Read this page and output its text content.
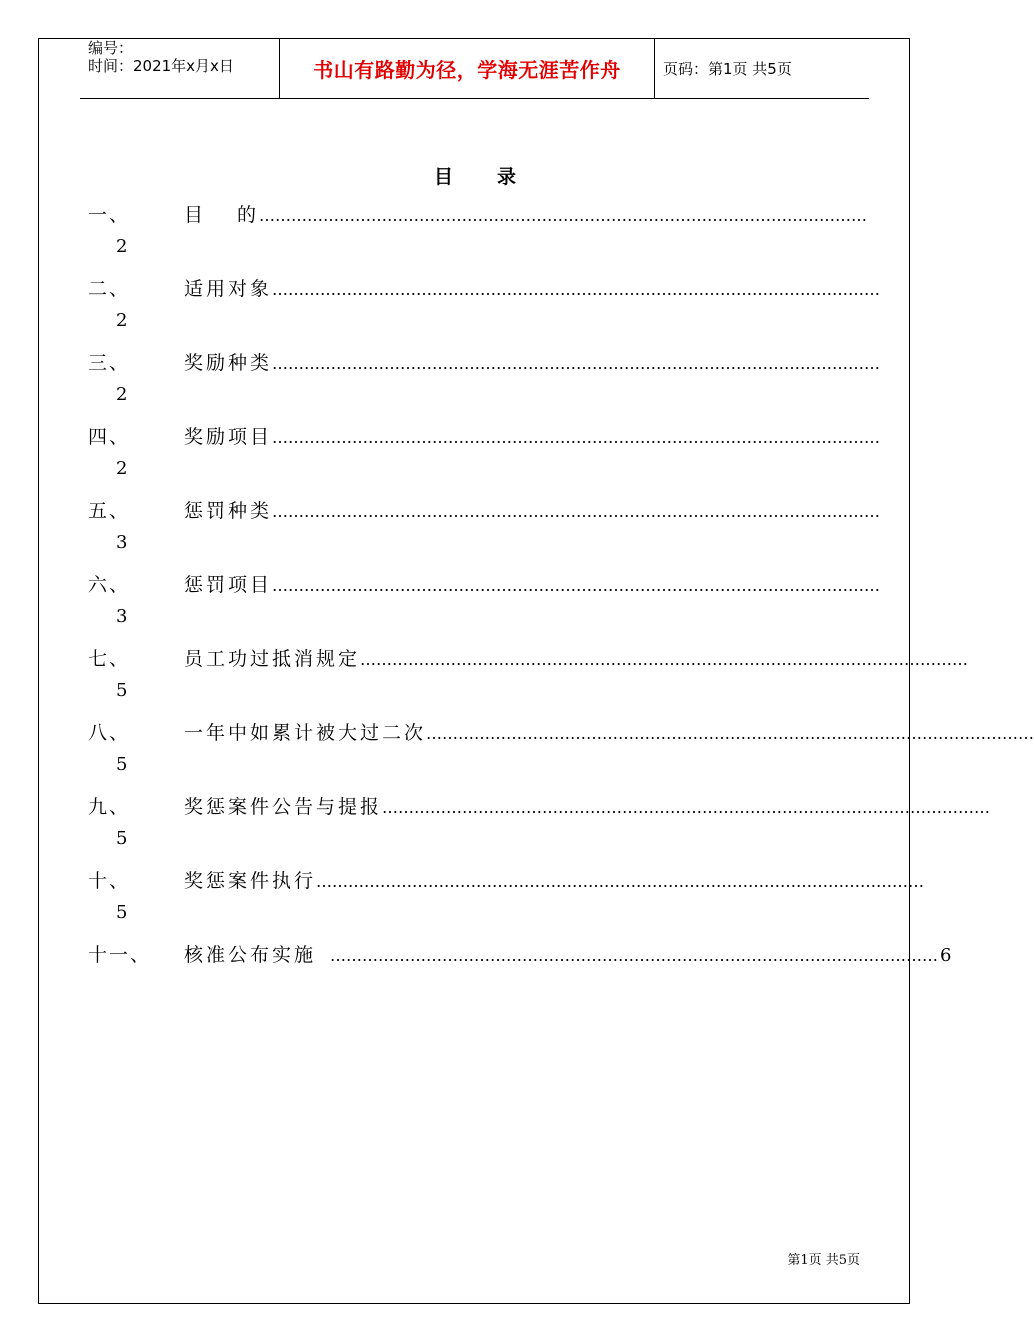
编号：
时间：2021年x月x日	书山有路勤为径，学海无涯苦作舟	页码：第1页 共5页
目 录
一、	目的 ……………………………………………………………………………………………………
2
二、	适用对象 ……………………………………………………………………………………………………
2
三、	奖励种类 ……………………………………………………………………………………………………
2
四、	奖励项目 ……………………………………………………………………………………………………
2
五、	惩罚种类 ……………………………………………………………………………………………………
3
六、	惩罚项目 ……………………………………………………………………………………………………
3
七、	员工功过抵消规定 ……………………………………………………………………………………………………
5
八、	一年中如累计被大过二次 ……………………………………………………………………………………………………
5
九、	奖惩案件公告与提报 ……………………………………………………………………………………………………
5
十、	奖惩案件执行 ……………………………………………………………………………………………………
5
十一、 核准公布实施 …………………………………………………………………………………………………… 6
第1页 共5页
